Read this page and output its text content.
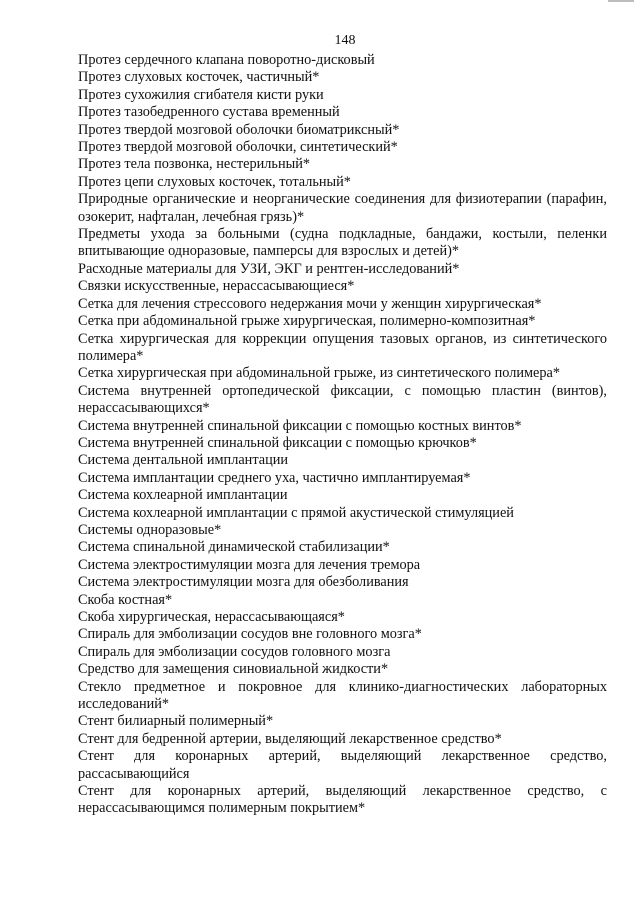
148
Протез сердечного клапана поворотно-дисковый
Протез слуховых косточек, частичный*
Протез сухожилия сгибателя кисти руки
Протез тазобедренного сустава временный
Протез твердой мозговой оболочки биоматриксный*
Протез твердой мозговой оболочки, синтетический*
Протез тела позвонка, нестерильный*
Протез цепи слуховых косточек, тотальный*
Природные органические и неорганические соединения для физиотерапии (парафин, озокерит, нафталан, лечебная грязь)*
Предметы ухода за больными (судна подкладные, бандажи, костыли, пеленки впитывающие одноразовые, памперсы для взрослых и детей)*
Расходные материалы для УЗИ, ЭКГ и рентген-исследований*
Связки искусственные, нерассасывающиеся*
Сетка для лечения стрессового недержания мочи у женщин хирургическая*
Сетка при абдоминальной грыже хирургическая, полимерно-композитная*
Сетка хирургическая для коррекции опущения тазовых органов, из синтетического полимера*
Сетка хирургическая при абдоминальной грыже, из синтетического полимера*
Система внутренней ортопедической фиксации, с помощью пластин (винтов), нерассасывающихся*
Система внутренней спинальной фиксации с помощью костных винтов*
Система внутренней спинальной фиксации с помощью крючков*
Система дентальной имплантации
Система имплантации среднего уха, частично имплантируемая*
Система кохлеарной имплантации
Система кохлеарной имплантации с прямой акустической стимуляцией
Системы одноразовые*
Система спинальной динамической стабилизации*
Система электростимуляции мозга для лечения тремора
Система электростимуляции мозга для обезболивания
Скоба костная*
Скоба хирургическая, нерассасывающаяся*
Спираль для эмболизации сосудов вне головного мозга*
Спираль для эмболизации сосудов головного мозга
Средство для замещения синовиальной жидкости*
Стекло предметное и покровное для клинико-диагностических лабораторных исследований*
Стент билиарный полимерный*
Стент для бедренной артерии, выделяющий лекарственное средство*
Стент для коронарных артерий, выделяющий лекарственное средство, рассасывающийся
Стент для коронарных артерий, выделяющий лекарственное средство, с нерассасывающимся полимерным покрытием*
